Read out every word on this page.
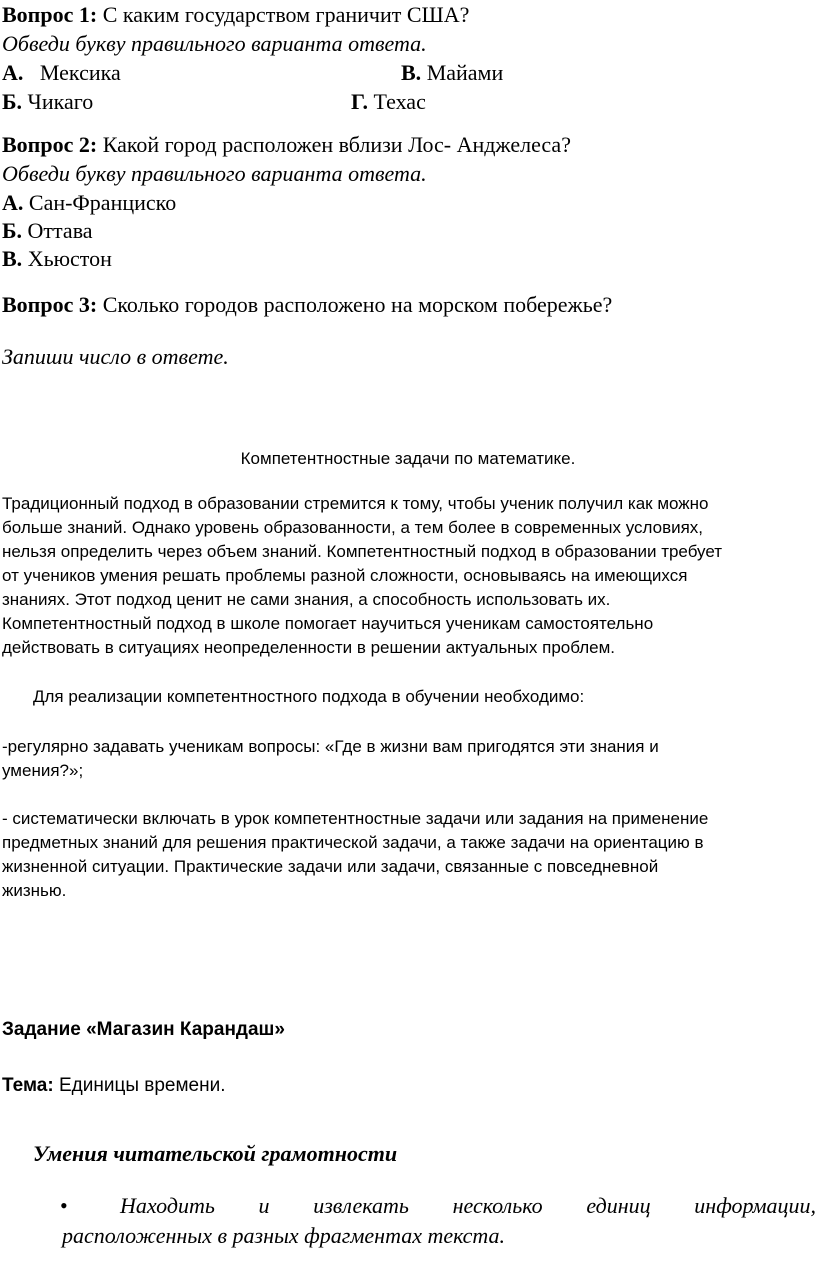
Вопрос 1: С каким государством граничит США?
Обведи букву правильного варианта ответа.
А. Мексика	В. Майами
Б. Чикаго	Г. Техас
Вопрос 2: Какой город расположен вблизи Лос- Анджелеса?
Обведи букву правильного варианта ответа.
А. Сан-Франциско
Б. Оттава
В. Хьюстон
Вопрос 3: Сколько городов расположено на морском побережье?
Запиши число в ответе.
Компетентностные задачи по математике.
Традиционный подход в образовании стремится к тому, чтобы ученик получил как можно
больше знаний. Однако уровень образованности, а тем более в современных условиях,
нельзя определить через объем знаний. Компетентностный подход в образовании требует
от учеников умения решать проблемы разной сложности, основываясь на имеющихся
знаниях. Этот подход ценит не сами знания, а способность использовать их.
Компетентностный подход в школе помогает научиться ученикам самостоятельно
действовать в ситуациях неопределенности в решении актуальных проблем.
Для реализации компетентностного подхода в обучении необходимо:
-регулярно задавать ученикам вопросы: «Где в жизни вам пригодятся эти знания и
умения?»;
- систематически включать в урок компетентностные задачи или задания на применение
предметных знаний для решения практической задачи, а также задачи на ориентацию в
жизненной ситуации. Практические задачи или задачи, связанные с повседневной
жизнью.
Задание «Магазин Карандаш»
Тема: Единицы времени.
Умения читательской грамотности
• Находить и извлекать несколько единиц информации,
расположенных в разных фрагментах текста.
